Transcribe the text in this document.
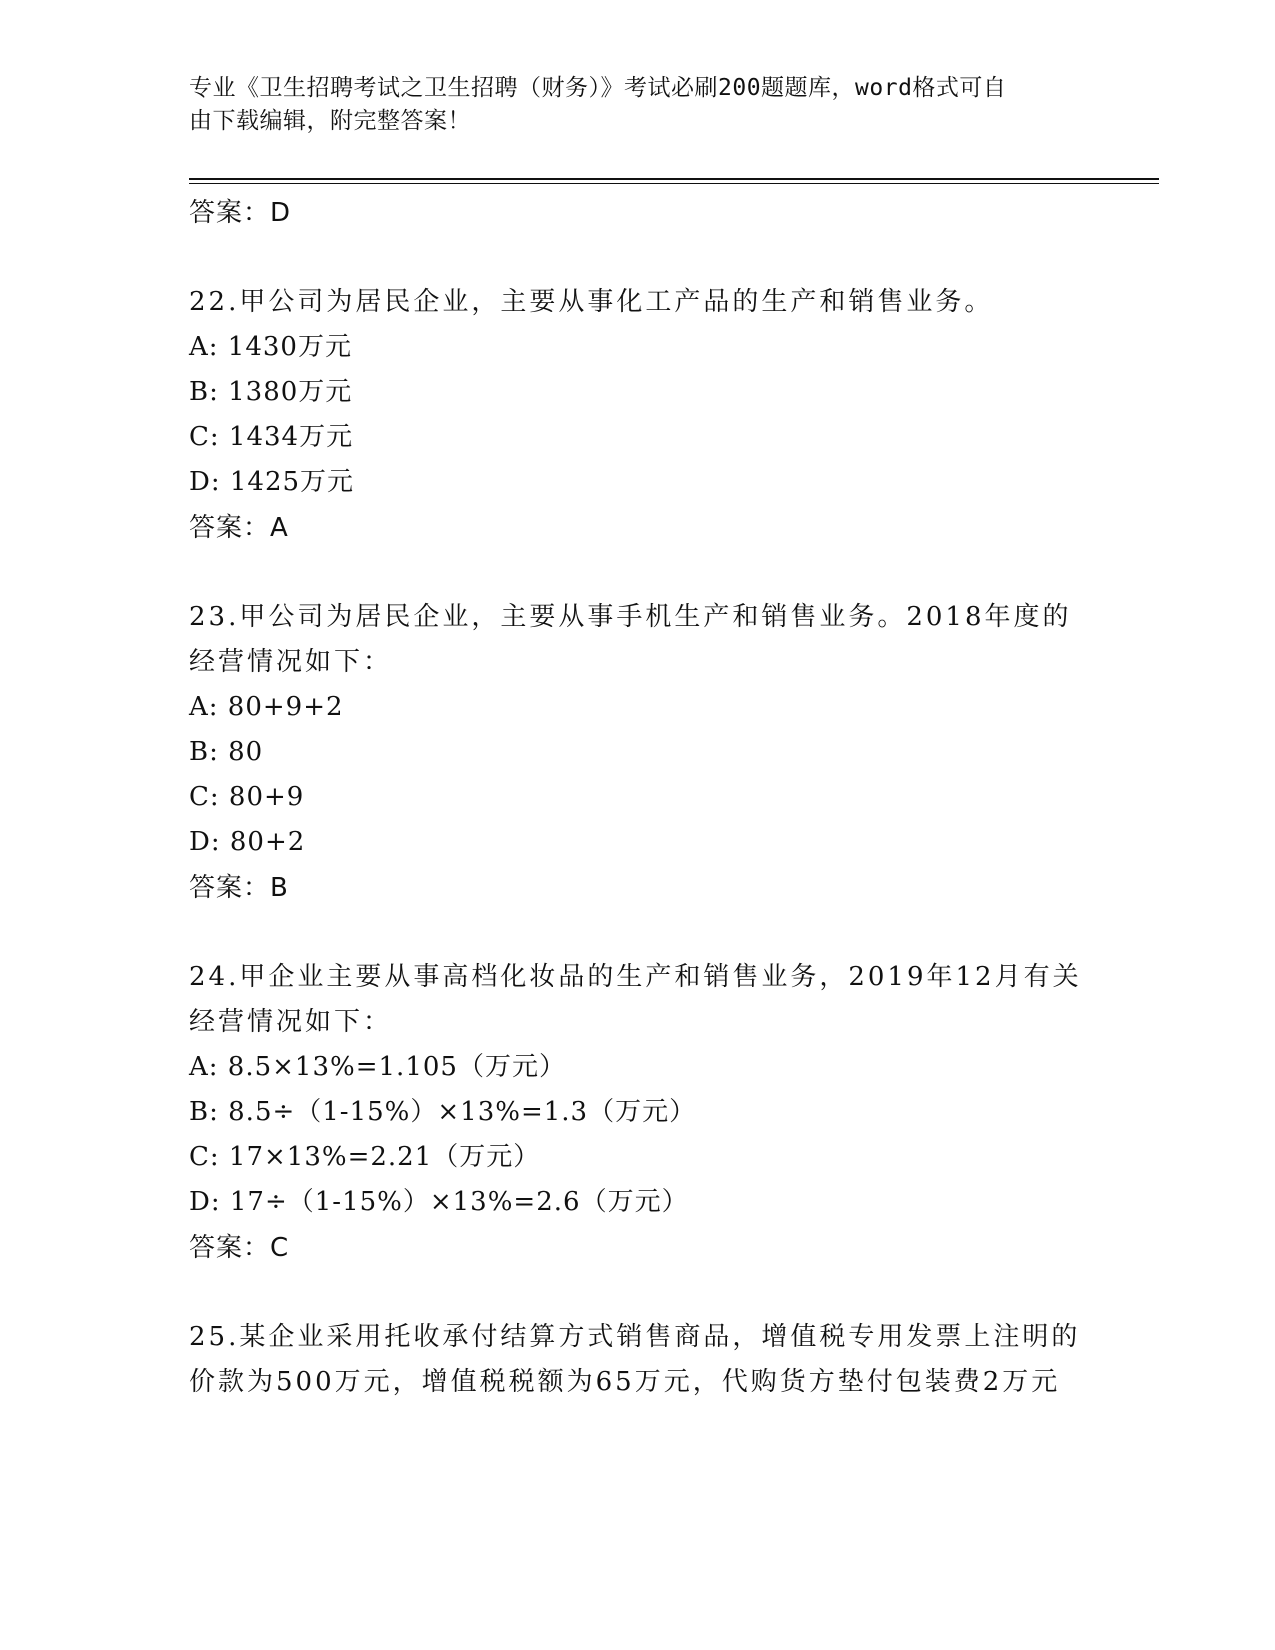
专业《卫生招聘考试之卫生招聘（财务）》考试必刷200题题库，word格式可自
由下载编辑，附完整答案！
答案：D
22.甲公司为居民企业，主要从事化工产品的生产和销售业务。
A: 1430万元
B: 1380万元
C: 1434万元
D: 1425万元
答案：A
23.甲公司为居民企业，主要从事手机生产和销售业务。2018年度的经营情况如下：
A: 80+9+2
B: 80
C: 80+9
D: 80+2
答案：B
24.甲企业主要从事高档化妆品的生产和销售业务，2019年12月有关经营情况如下：
A: 8.5×13%=1.105（万元）
B: 8.5÷（1-15%）×13%=1.3（万元）
C: 17×13%=2.21（万元）
D: 17÷（1-15%）×13%=2.6（万元）
答案：C
25.某企业采用托收承付结算方式销售商品，增值税专用发票上注明的价款为500万元，增值税税额为65万元，代购货方垫付包装费2万元
